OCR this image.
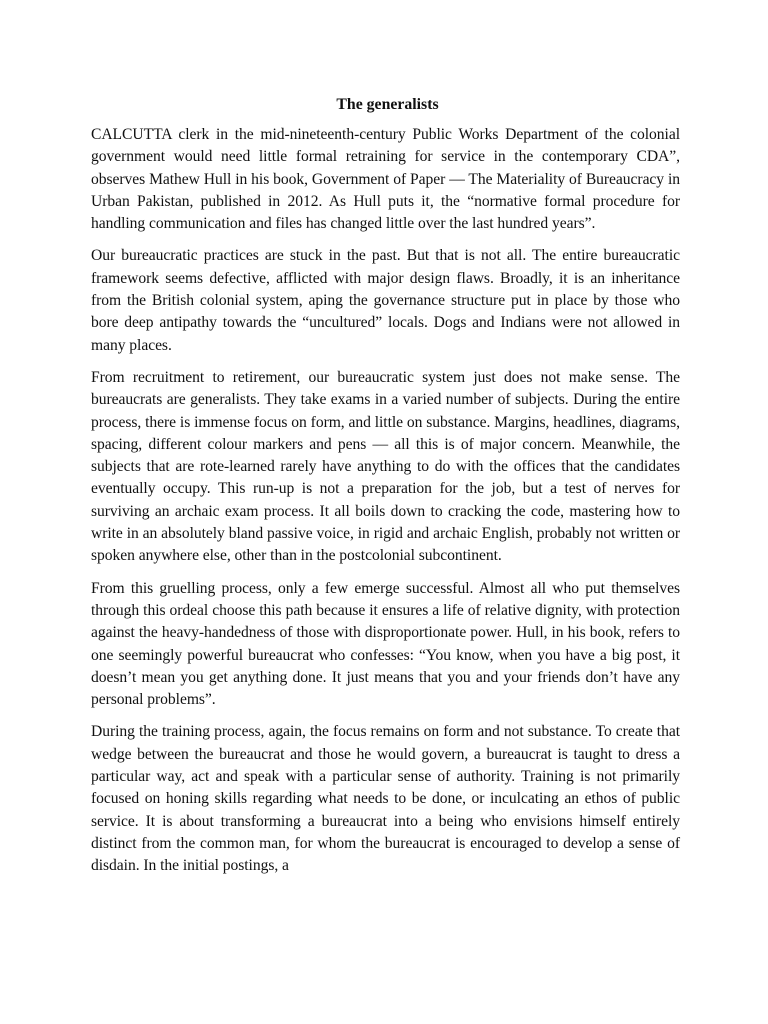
The generalists

CALCUTTA clerk in the mid-nineteenth-century Public Works Department of the colonial government would need little formal retraining for service in the contemporary CDA”, observes Mathew Hull in his book, Government of Paper — The Materiality of Bureaucracy in Urban Pakistan, published in 2012. As Hull puts it, the “normative formal procedure for handling communication and files has changed little over the last hundred years”.

Our bureaucratic practices are stuck in the past. But that is not all. The entire bureaucratic framework seems defective, afflicted with major design flaws. Broadly, it is an inheritance from the British colonial system, aping the governance structure put in place by those who bore deep antipathy towards the “uncultured” locals. Dogs and Indians were not allowed in many places.

From recruitment to retirement, our bureaucratic system just does not make sense. The bureaucrats are generalists. They take exams in a varied number of subjects. During the entire process, there is immense focus on form, and little on substance. Margins, headlines, diagrams, spacing, different colour markers and pens — all this is of major concern. Meanwhile, the subjects that are rote-learned rarely have anything to do with the offices that the candidates eventually occupy. This run-up is not a preparation for the job, but a test of nerves for surviving an archaic exam process. It all boils down to cracking the code, mastering how to write in an absolutely bland passive voice, in rigid and archaic English, probably not written or spoken anywhere else, other than in the postcolonial subcontinent.

From this gruelling process, only a few emerge successful. Almost all who put themselves through this ordeal choose this path because it ensures a life of relative dignity, with protection against the heavy-handedness of those with disproportionate power. Hull, in his book, refers to one seemingly powerful bureaucrat who confesses: “You know, when you have a big post, it doesn’t mean you get anything done. It just means that you and your friends don’t have any personal problems”.

During the training process, again, the focus remains on form and not substance. To create that wedge between the bureaucrat and those he would govern, a bureaucrat is taught to dress a particular way, act and speak with a particular sense of authority. Training is not primarily focused on honing skills regarding what needs to be done, or inculcating an ethos of public service. It is about transforming a bureaucrat into a being who envisions himself entirely distinct from the common man, for whom the bureaucrat is encouraged to develop a sense of disdain. In the initial postings, a
